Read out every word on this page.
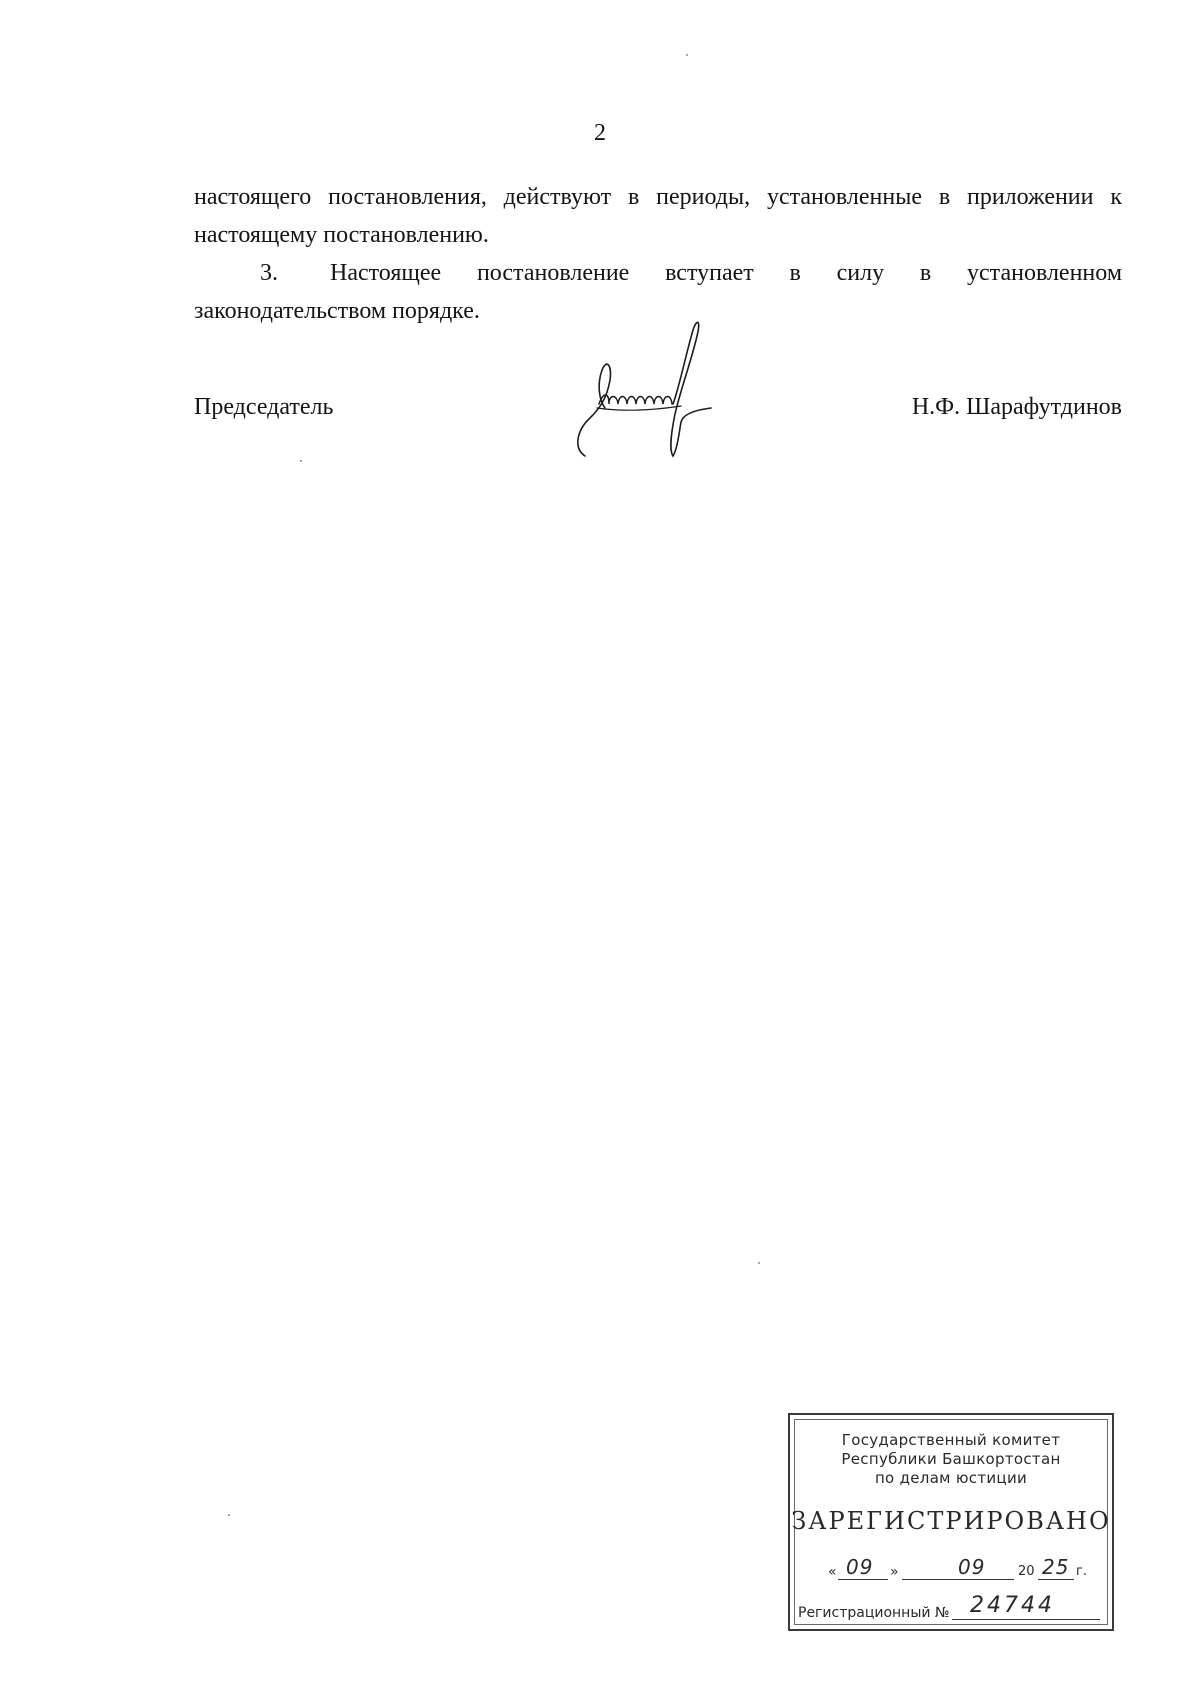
2

настоящего постановления, действуют в периоды, установленные в приложении к настоящему постановлению.

3. Настоящее постановление вступает в силу в установленном законодательством порядке.

Председатель	Н.Ф. Шарафутдинов
Государственный комитет
Республики Башкортостан
по делам юстиции
ЗАРЕГИСТРИРОВАНО
« 09 »	09	20 25 г.
Регистрационный № 24744
